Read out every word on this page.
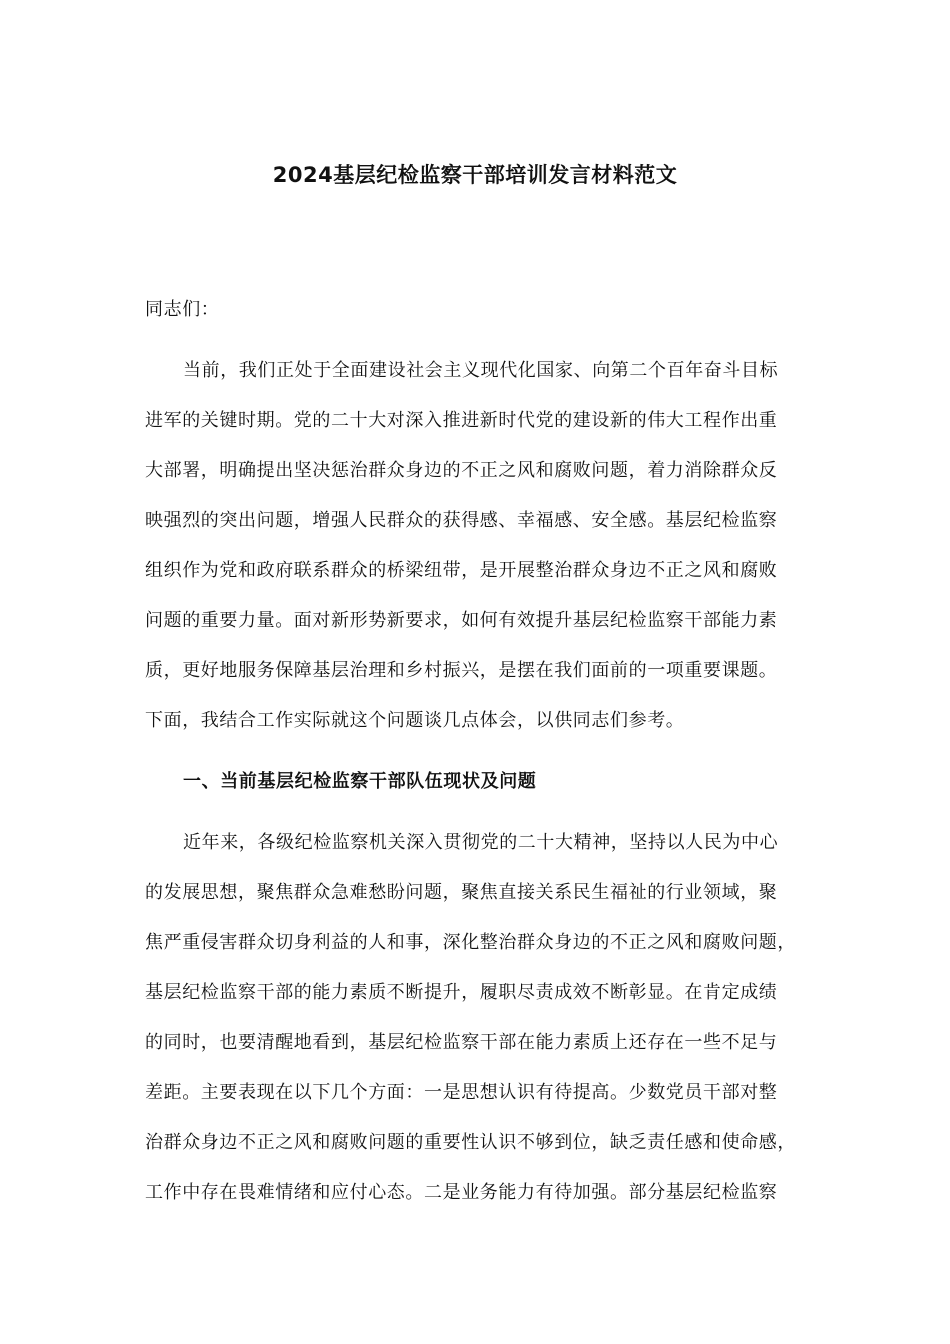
2024基层纪检监察干部培训发言材料范文
同志们：
当前，我们正处于全面建设社会主义现代化国家、向第二个百年奋斗目标
进军的关键时期。党的二十大对深入推进新时代党的建设新的伟大工程作出重
大部署，明确提出坚决惩治群众身边的不正之风和腐败问题，着力消除群众反
映强烈的突出问题，增强人民群众的获得感、幸福感、安全感。基层纪检监察
组织作为党和政府联系群众的桥梁纽带，是开展整治群众身边不正之风和腐败
问题的重要力量。面对新形势新要求，如何有效提升基层纪检监察干部能力素
质，更好地服务保障基层治理和乡村振兴，是摆在我们面前的一项重要课题。
下面，我结合工作实际就这个问题谈几点体会，以供同志们参考。
一、当前基层纪检监察干部队伍现状及问题
近年来，各级纪检监察机关深入贯彻党的二十大精神，坚持以人民为中心
的发展思想，聚焦群众急难愁盼问题，聚焦直接关系民生福祉的行业领域，聚
焦严重侵害群众切身利益的人和事，深化整治群众身边的不正之风和腐败问题，
基层纪检监察干部的能力素质不断提升，履职尽责成效不断彰显。在肯定成绩
的同时，也要清醒地看到，基层纪检监察干部在能力素质上还存在一些不足与
差距。主要表现在以下几个方面：一是思想认识有待提高。少数党员干部对整
治群众身边不正之风和腐败问题的重要性认识不够到位，缺乏责任感和使命感，
工作中存在畏难情绪和应付心态。二是业务能力有待加强。部分基层纪检监察
